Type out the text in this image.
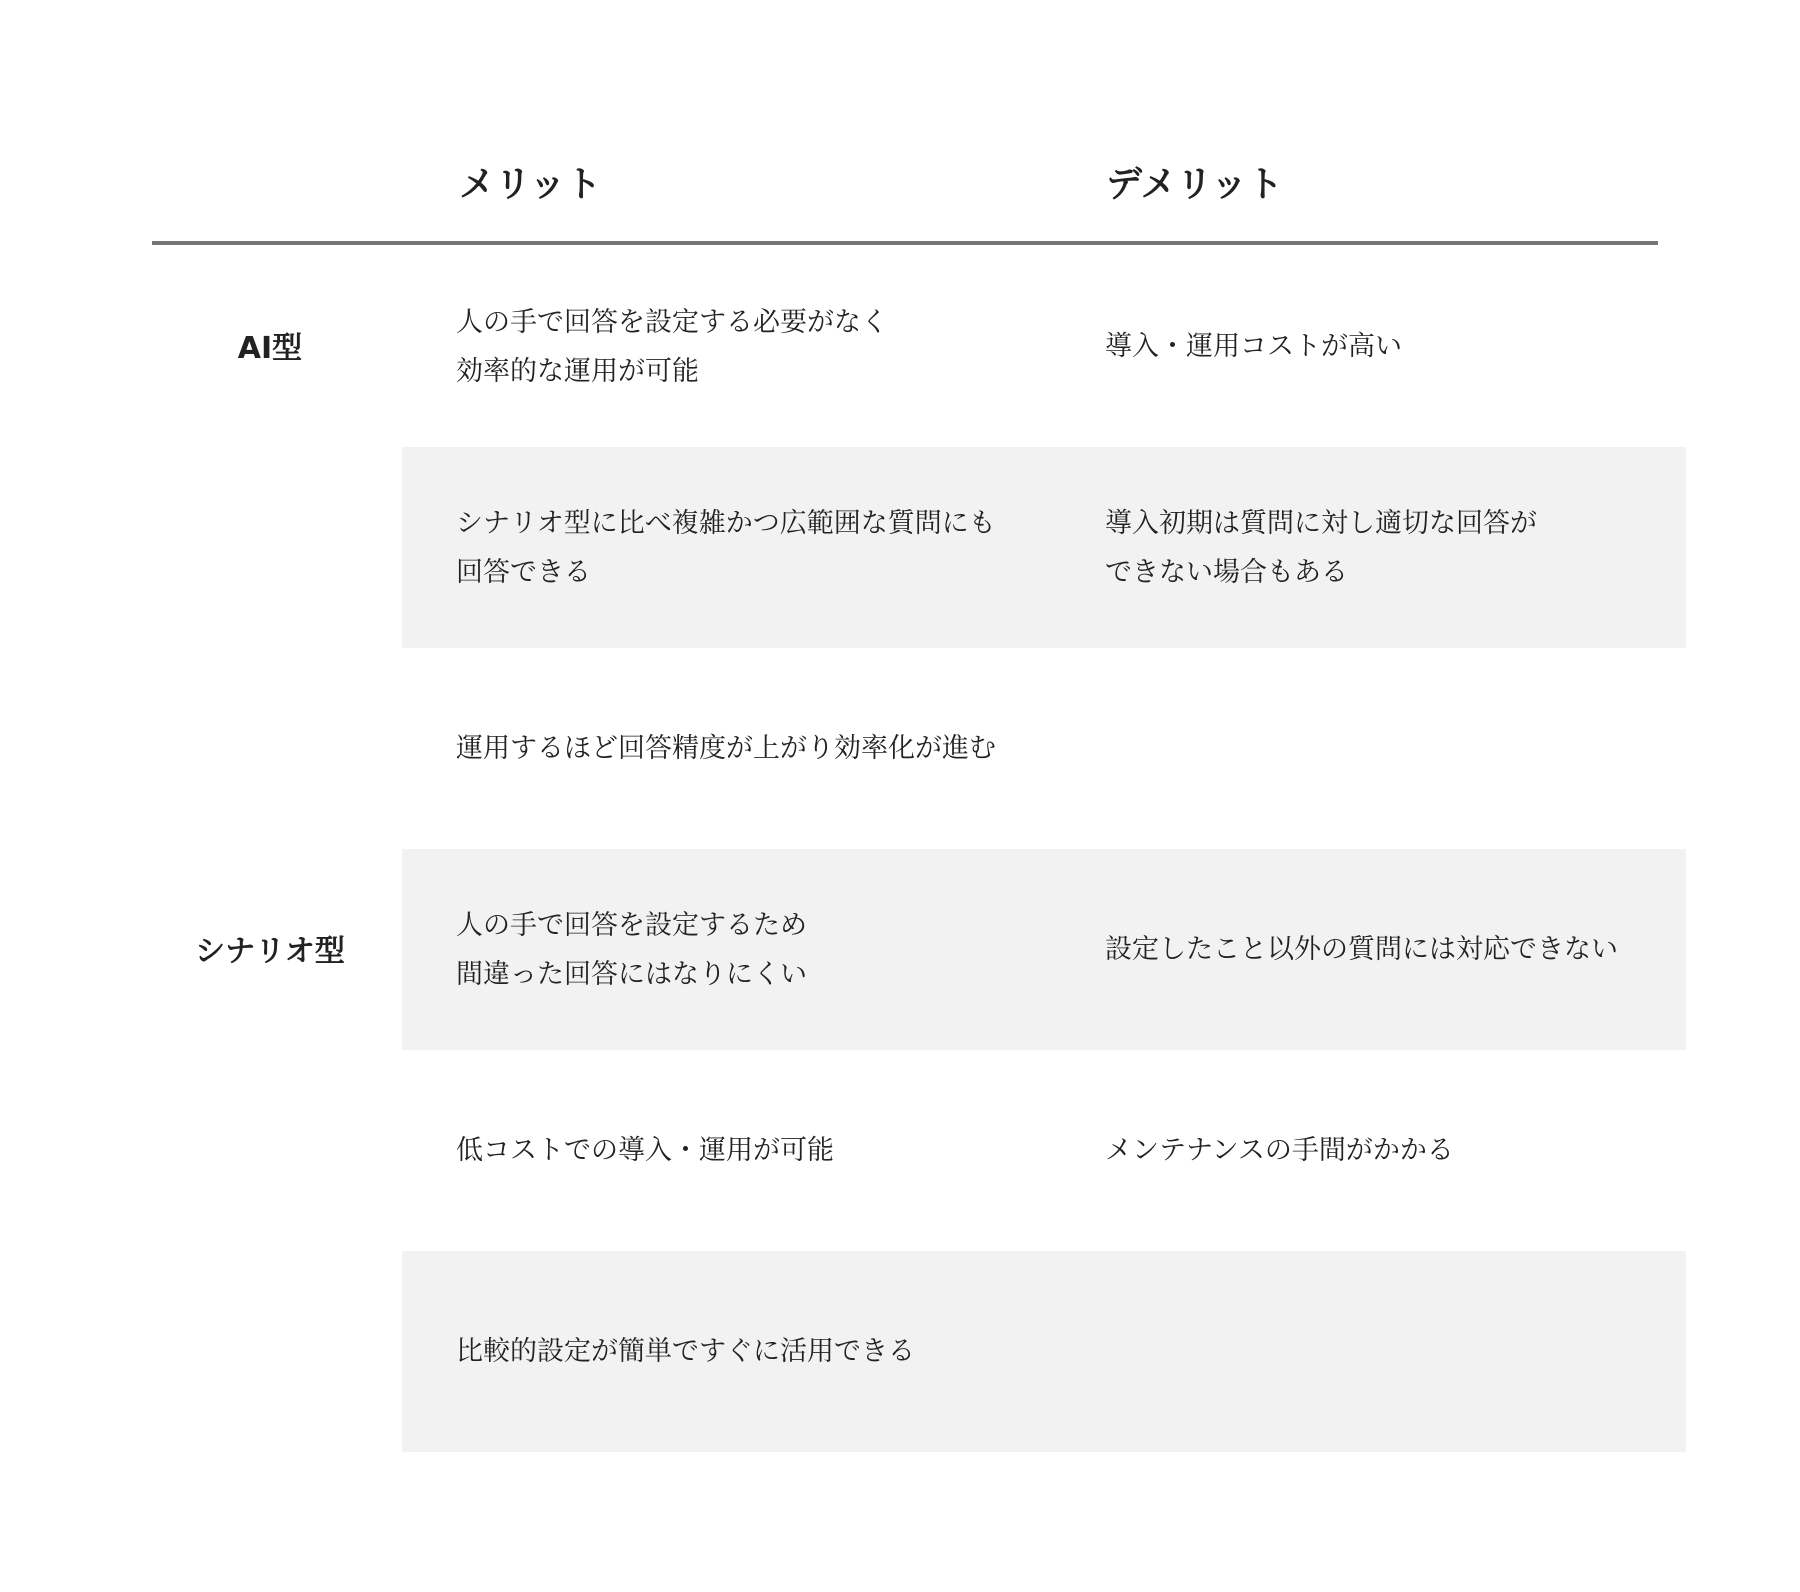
メリット	デメリット
AI型
シナリオ型
人の手で回答を設定する必要がなく
効率的な運用が可能
導入・運用コストが高い
シナリオ型に比べ複雑かつ広範囲な質問にも
回答できる
導入初期は質問に対し適切な回答が
できない場合もある
運用するほど回答精度が上がり効率化が進む
人の手で回答を設定するため
間違った回答にはなりにくい
設定したこと以外の質問には対応できない
低コストでの導入・運用が可能	メンテナンスの手間がかかる
比較的設定が簡単ですぐに活用できる
